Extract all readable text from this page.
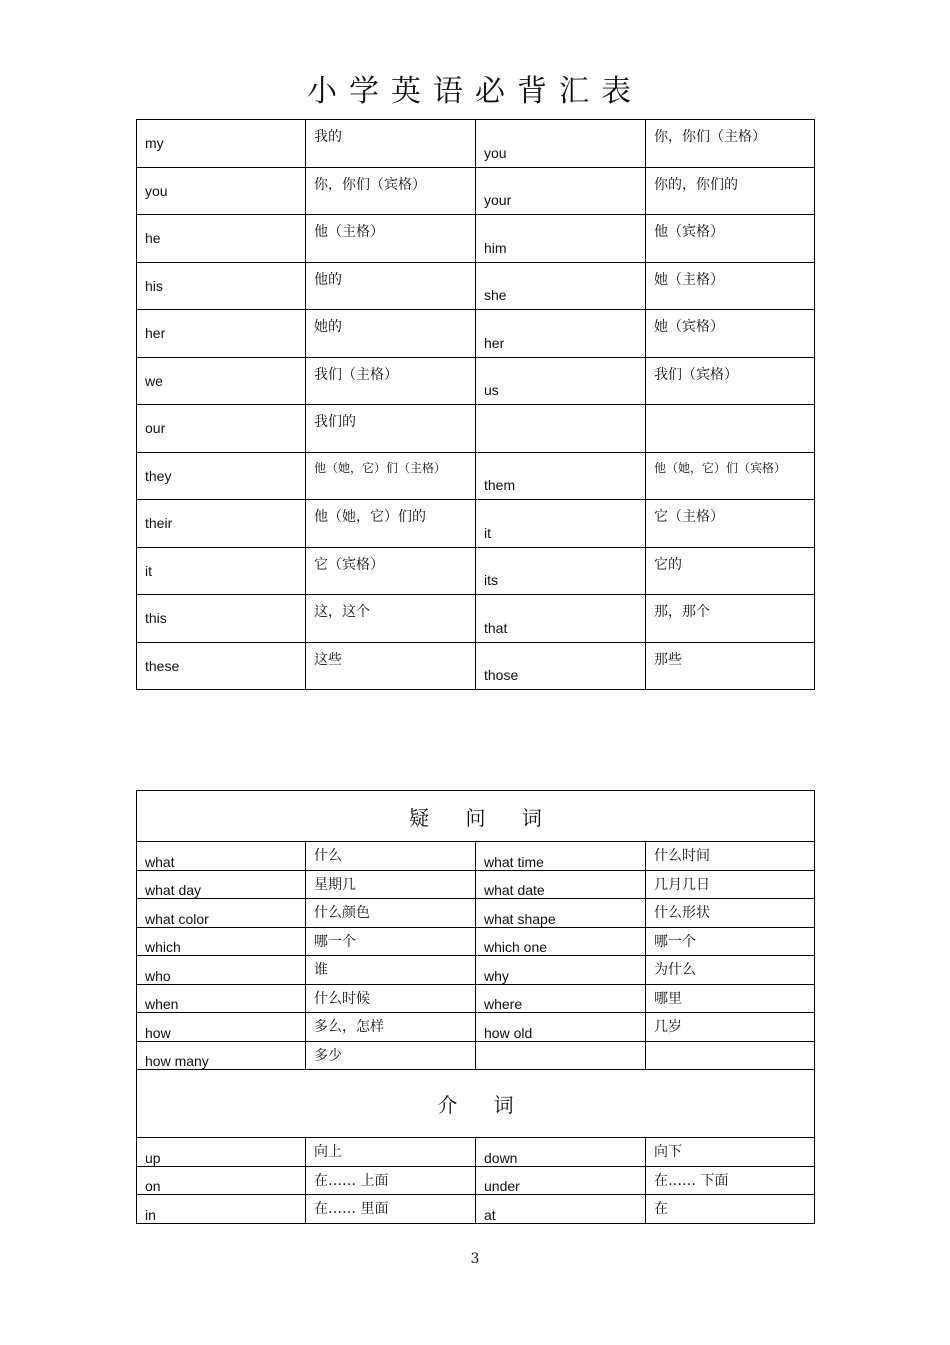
小学英语必背汇表
my	我的	you	你，你们（主格）
you	你，你们（宾格）	your	你的，你们的
he	他（主格）	him	他（宾格）
his	他的	she	她（主格）
her	她的	her	她（宾格）
we	我们（主格）	us	我们（宾格）
our	我们的		
they	他（她，它）们（主格）	them	他（她，它）们（宾格）
their	他（她，它）们的	it	它（主格）
it	它（宾格）	its	它的
this	这，这个	that	那，那个
these	这些	those	那些
疑 问 词			
what	什么	what time	什么时间
what day	星期几	what date	几月几日
what color	什么颜色	what shape	什么形状
which	哪一个	which one	哪一个
who	谁	why	为什么
when	什么时候	where	哪里
how	多么，怎样	how old	几岁
how many	多少		
介 词			
up	向上	down	向下
on	在…… 上面	under	在…… 下面
in	在…… 里面	at	在
3
